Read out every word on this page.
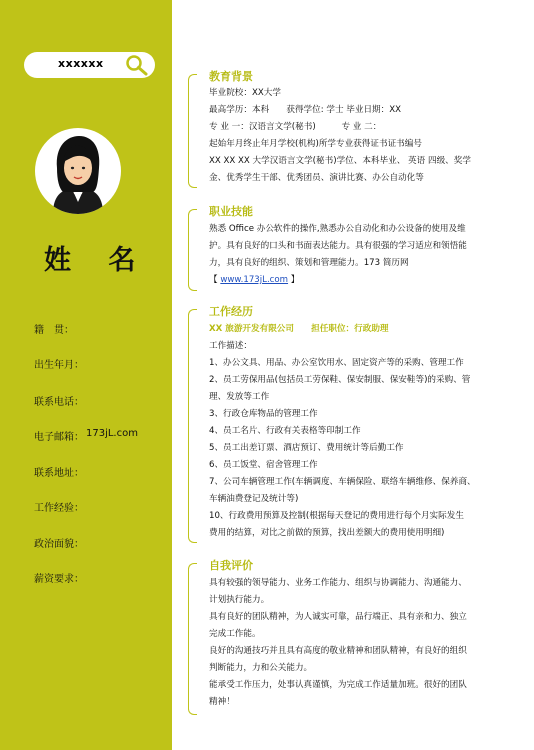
xxxxxx
姓 名
籍　贯：
出生年月：
联系电话：
电子邮箱： 173jL.com
联系地址：
工作经验：
政治面貌：
薪资要求：
教育背景
毕业院校：XX大学
最高学历：本科　　获得学位: 学士 毕业日期：XX
专 业 一：汉语言文学(秘书)　　　专 业 二：
起始年月终止年月学校(机构)所学专业获得证书证书编号
XX XX XX 大学汉语言文学(秘书)学位、本科毕业、 英语 四级、奖学
金、优秀学生干部、优秀团员、演讲比赛、办公自动化等
职业技能
熟悉 Office 办公软件的操作,熟悉办公自动化和办公设备的使用及维
护。具有良好的口头和书面表达能力。具有很强的学习适应和领悟能
力，具有良好的组织、策划和管理能力。173 简历网
【 www.173jL.com 】
工作经历
XX 旅游开发有限公司　　担任职位：行政助理
工作描述：
1、办公文具、用品、办公室饮用水、固定资产等的采购、管理工作
2、员工劳保用品(包括员工劳保鞋、保安制服、保安鞋等)的采购、管
理、发放等工作
3、行政仓库物品的管理工作
4、员工名片、行政有关表格等印制工作
5、员工出差订票、酒店预订、费用统计等后勤工作
6、员工饭堂、宿舍管理工作
7、公司车辆管理工作(车辆调度、车辆保险、联络车辆维修、保养商、
车辆油费登记及统计等)
10、行政费用预算及控制(根据每天登记的费用进行每个月实际发生
费用的结算，对比之前做的预算，找出差额大的费用使用明细)
自我评价
具有较强的领导能力、业务工作能力、组织与协调能力、沟通能力、
计划执行能力。
具有良好的团队精神，为人诚实可靠，品行端正、具有亲和力、独立
完成工作能。
良好的沟通技巧并且具有高度的敬业精神和团队精神，有良好的组织
判断能力，力和公关能力。
能承受工作压力，处事认真谨慎，为完成工作适量加班。很好的团队
精神！
